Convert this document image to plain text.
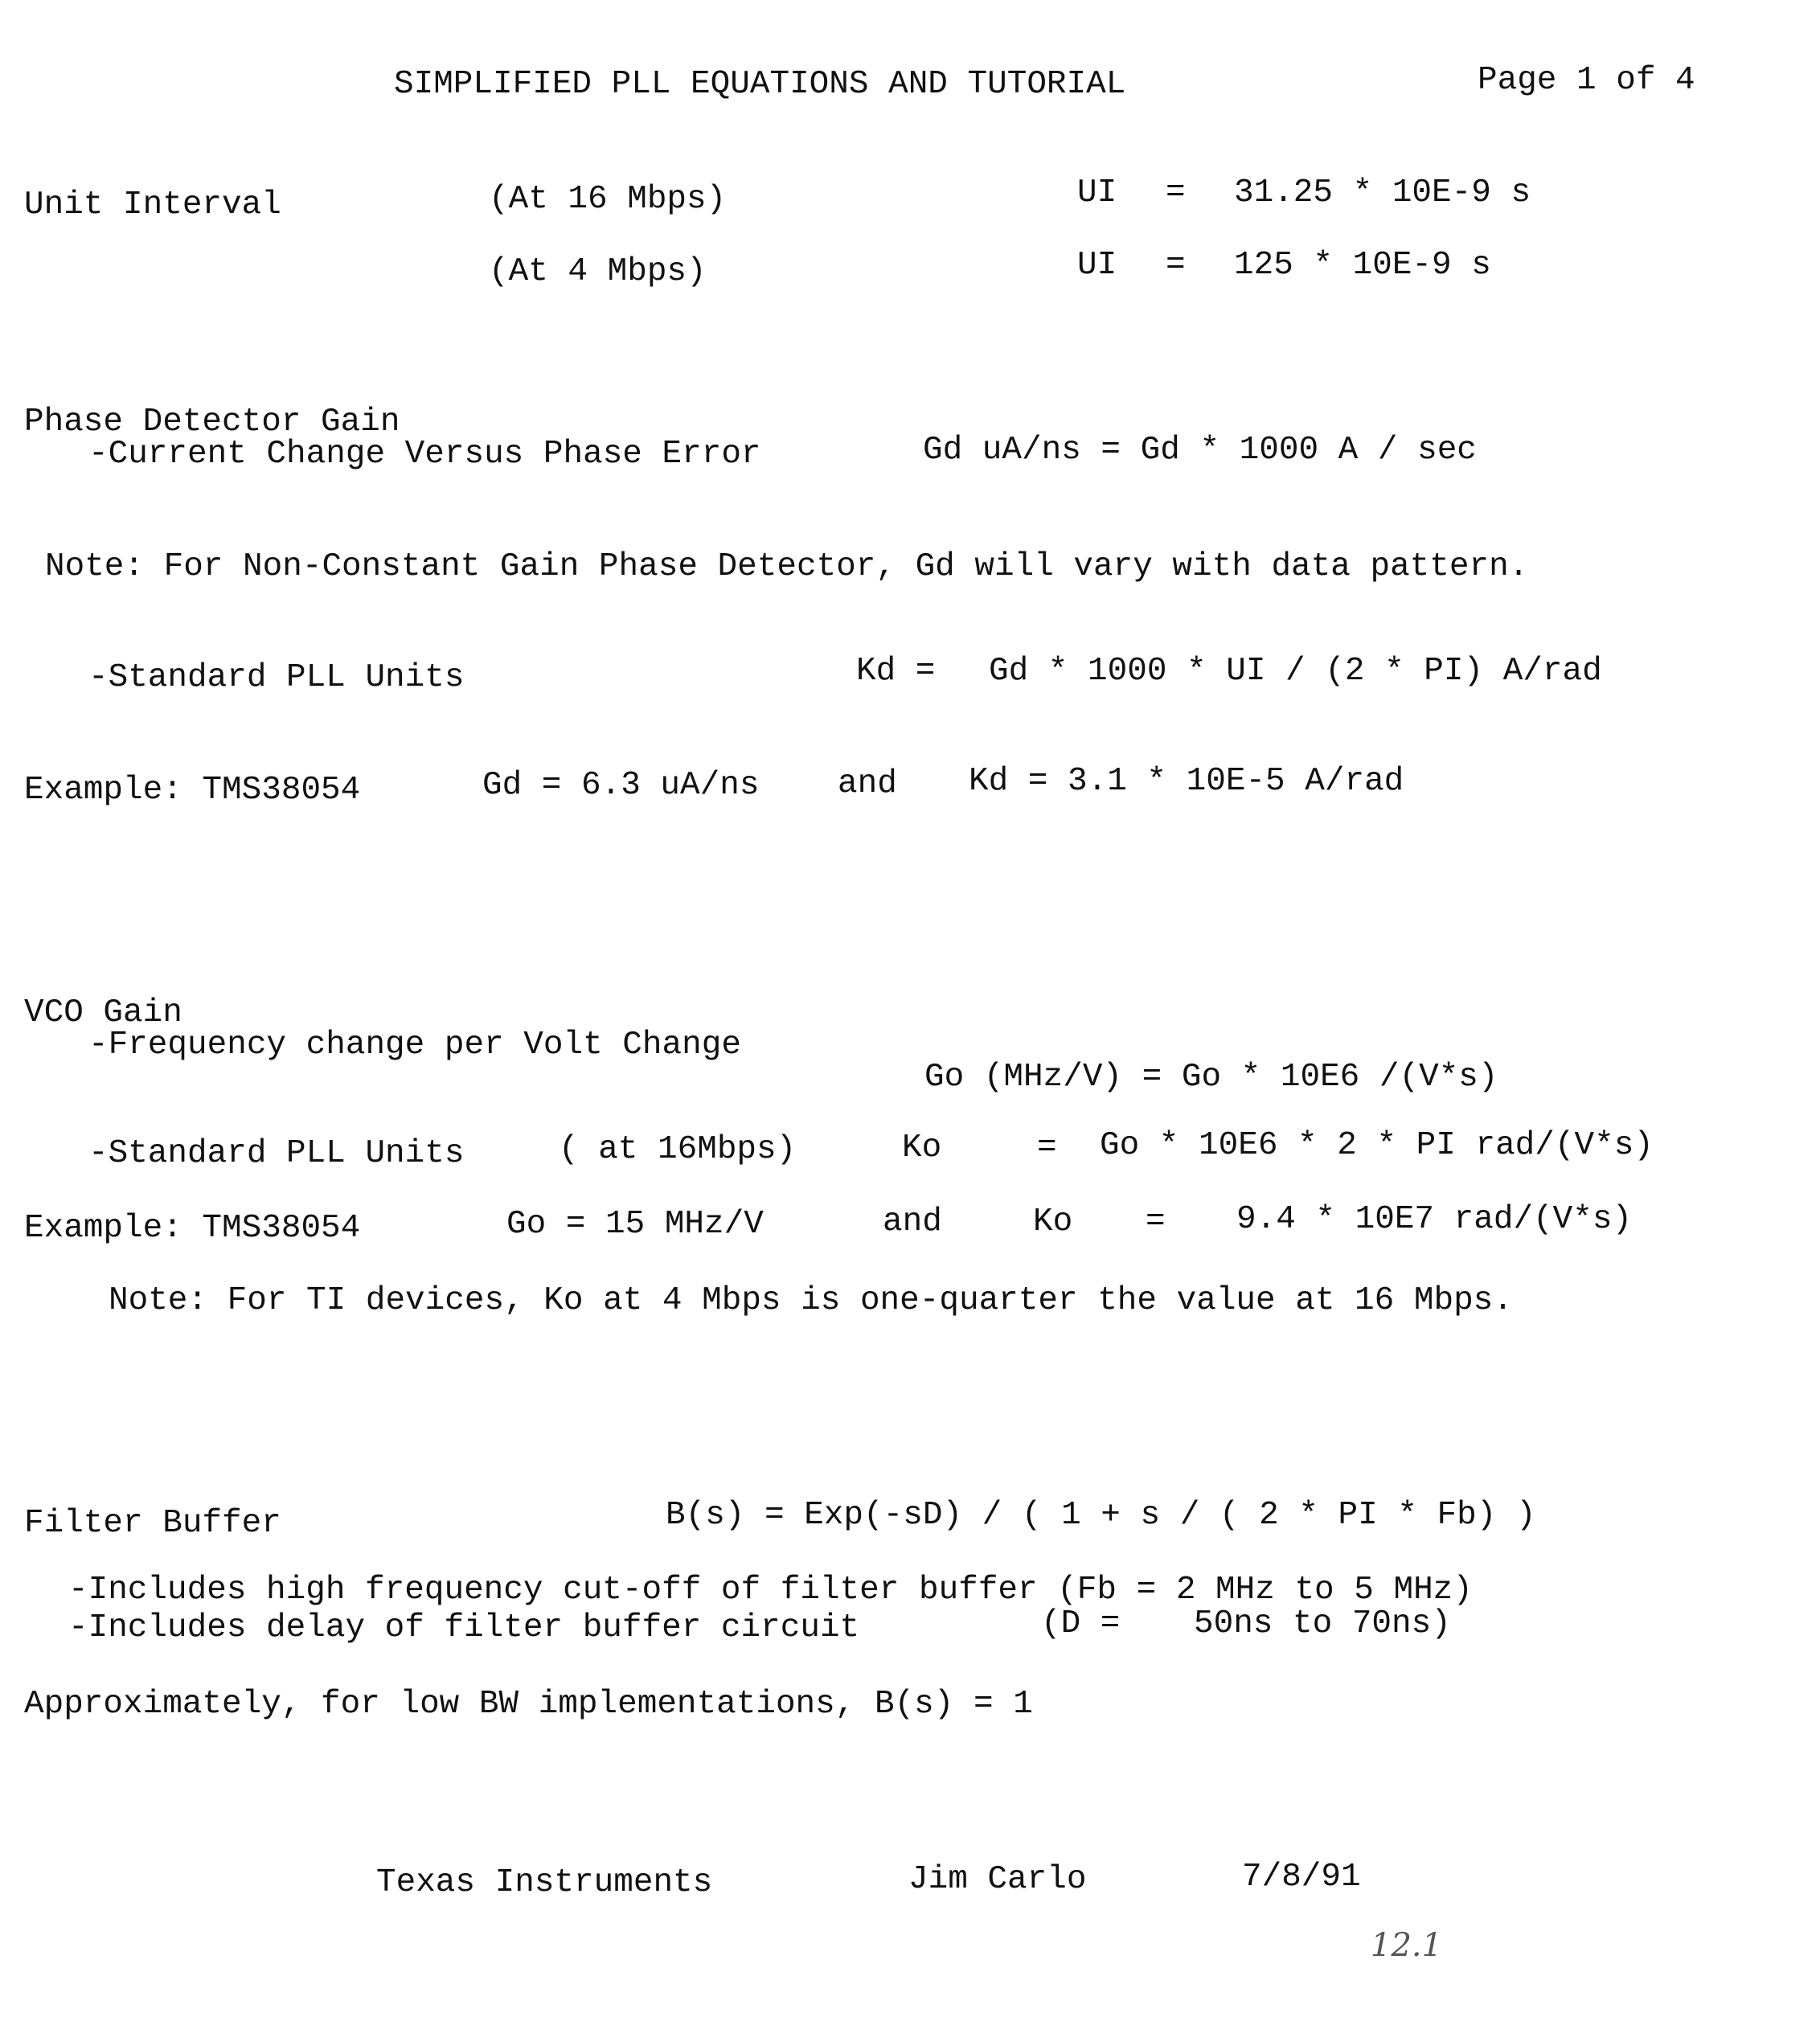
SIMPLIFIED PLL EQUATIONS AND TUTORIAL	Page 1 of 4
Unit Interval	(At 16 Mbps)	UI = 31.25 * 10E-9 s
(At 4 Mbps)	UI = 125 * 10E-9 s
Phase Detector Gain
-Current Change Versus Phase Error	Gd uA/ns = Gd * 1000 A / sec
Note: For Non-Constant Gain Phase Detector, Gd will vary with data pattern.
-Standard PLL Units	Kd = Gd * 1000 * UI / (2 * PI) A/rad
Example: TMS38054	Gd = 6.3 uA/ns and Kd = 3.1 * 10E-5 A/rad
VCO Gain
-Frequency change per Volt Change
Go (MHz/V) = Go * 10E6 /(V*s)
-Standard PLL Units	( at 16Mbps)	Ko	= Go * 10E6 * 2 * PI rad/(V*s)
Example: TMS38054	Go = 15 MHz/V	and	Ko = 9.4 * 10E7 rad/(V*s)
Note: For TI devices, Ko at 4 Mbps is one-quarter the value at 16 Mbps.
Filter Buffer	B(s) = Exp(-sD) / ( 1 + s / ( 2 * PI * Fb) )
-Includes high frequency cut-off of filter buffer (Fb = 2 MHz to 5 MHz)
-Includes delay of filter buffer circuit	(D = 50ns to 70ns)
Approximately, for low BW implementations, B(s) = 1
Texas Instruments	Jim Carlo	7/8/91
12.1
